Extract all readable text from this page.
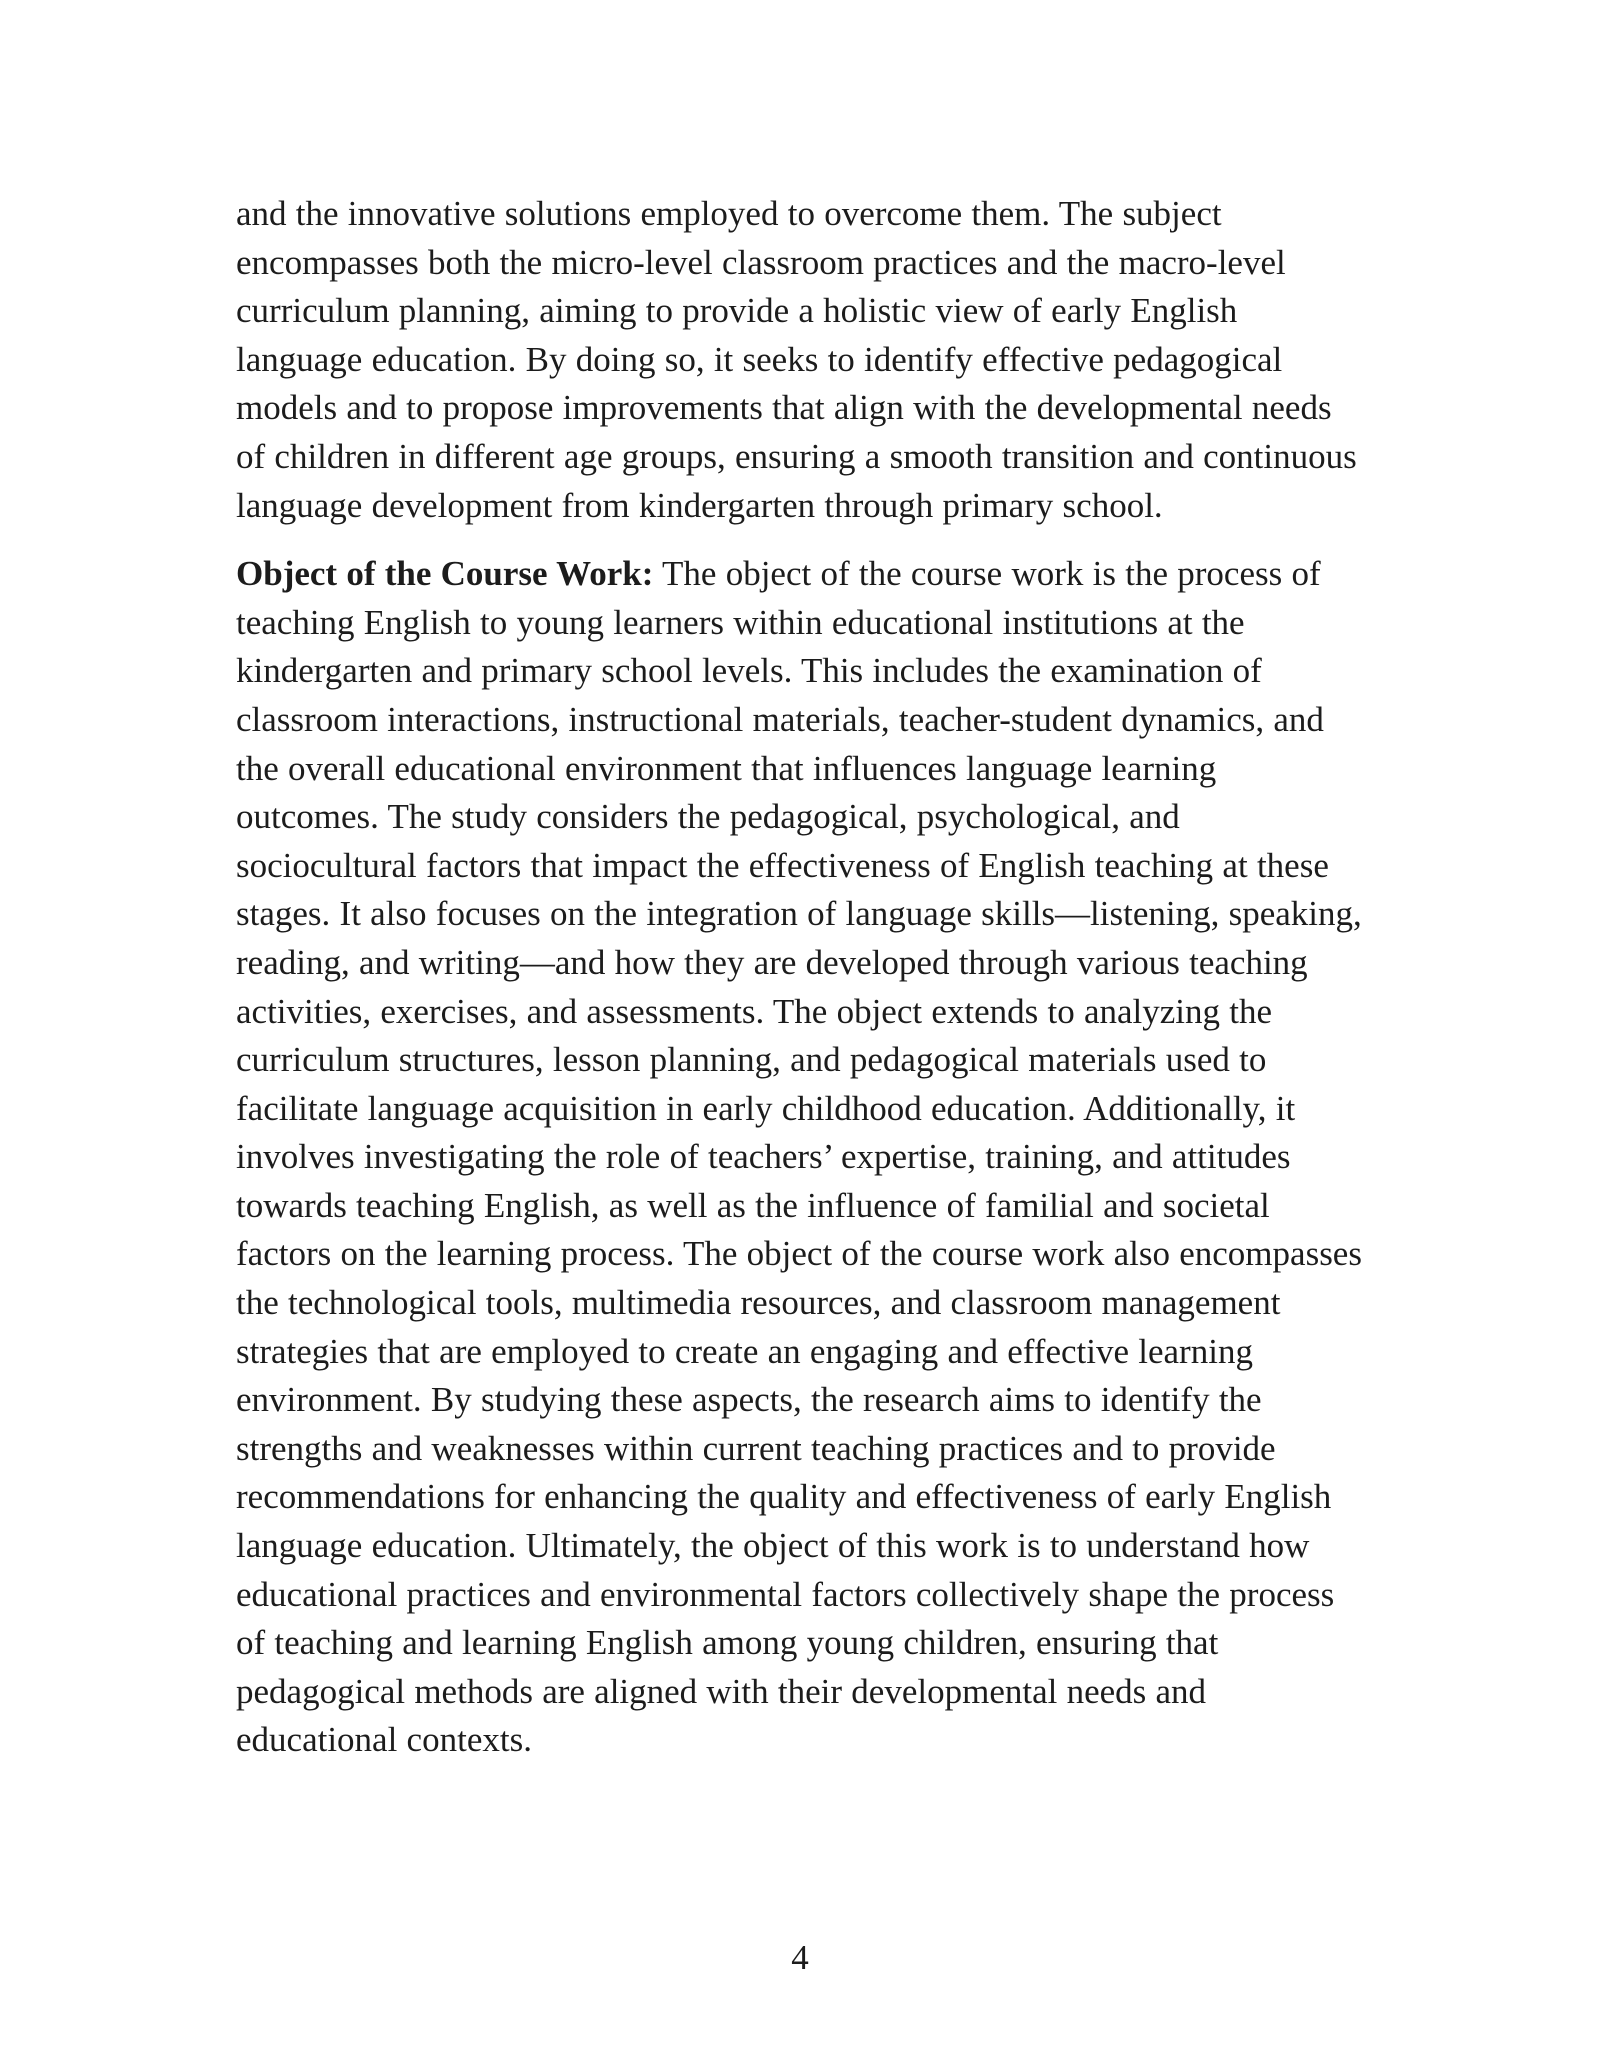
and the innovative solutions employed to overcome them. The subject encompasses both the micro-level classroom practices and the macro-level curriculum planning, aiming to provide a holistic view of early English language education. By doing so, it seeks to identify effective pedagogical models and to propose improvements that align with the developmental needs of children in different age groups, ensuring a smooth transition and continuous language development from kindergarten through primary school.

Object of the Course Work: The object of the course work is the process of teaching English to young learners within educational institutions at the kindergarten and primary school levels. This includes the examination of classroom interactions, instructional materials, teacher-student dynamics, and the overall educational environment that influences language learning outcomes. The study considers the pedagogical, psychological, and sociocultural factors that impact the effectiveness of English teaching at these stages. It also focuses on the integration of language skills—listening, speaking, reading, and writing—and how they are developed through various teaching activities, exercises, and assessments. The object extends to analyzing the curriculum structures, lesson planning, and pedagogical materials used to facilitate language acquisition in early childhood education. Additionally, it involves investigating the role of teachers’ expertise, training, and attitudes towards teaching English, as well as the influence of familial and societal factors on the learning process. The object of the course work also encompasses the technological tools, multimedia resources, and classroom management strategies that are employed to create an engaging and effective learning environment. By studying these aspects, the research aims to identify the strengths and weaknesses within current teaching practices and to provide recommendations for enhancing the quality and effectiveness of early English language education. Ultimately, the object of this work is to understand how educational practices and environmental factors collectively shape the process of teaching and learning English among young children, ensuring that pedagogical methods are aligned with their developmental needs and educational contexts.

4
